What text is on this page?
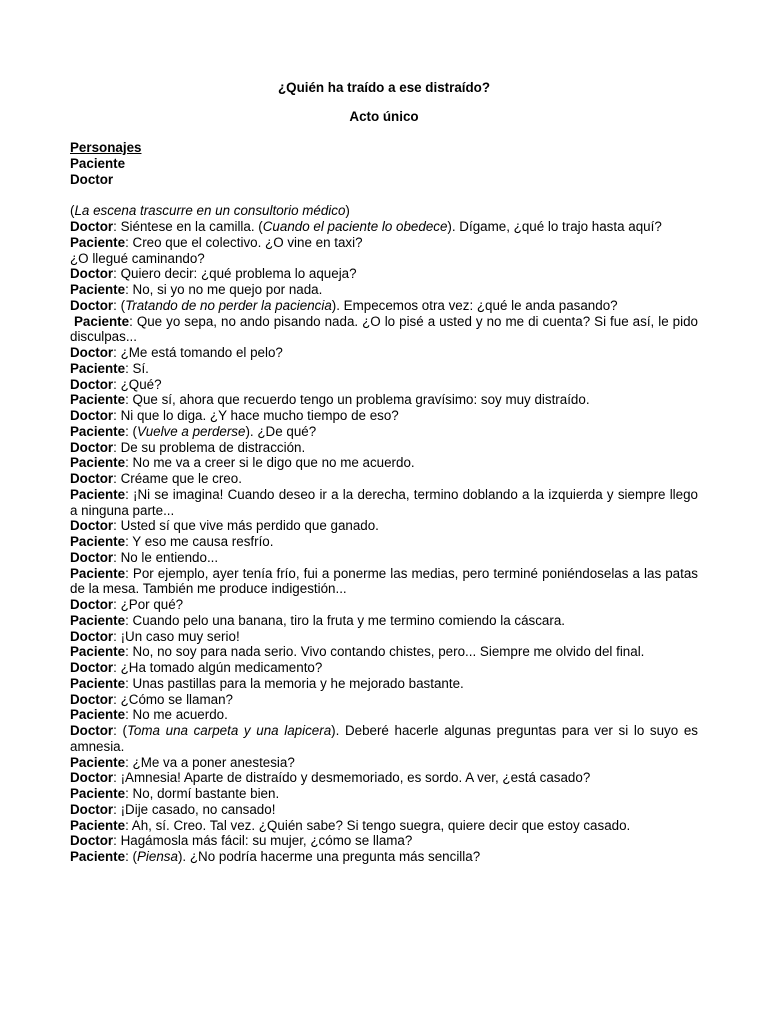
¿Quién ha traído a ese distraído?
Acto único
Personajes
Paciente
Doctor
(La escena trascurre en un consultorio médico)
Doctor: Siéntese en la camilla. (Cuando el paciente lo obedece). Dígame, ¿qué lo trajo hasta aquí?
Paciente: Creo que el colectivo. ¿O vine en taxi?
¿O llegué caminando?
Doctor: Quiero decir: ¿qué problema lo aqueja?
Paciente: No, si yo no me quejo por nada.
Doctor: (Tratando de no perder la paciencia). Empecemos otra vez: ¿qué le anda pasando?
Paciente: Que yo sepa, no ando pisando nada. ¿O lo pisé a usted y no me di cuenta? Si fue así, le pido disculpas...
Doctor: ¿Me está tomando el pelo?
Paciente: Sí.
Doctor: ¿Qué?
Paciente: Que sí, ahora que recuerdo tengo un problema gravísimo: soy muy distraído.
Doctor: Ni que lo diga. ¿Y hace mucho tiempo de eso?
Paciente: (Vuelve a perderse). ¿De qué?
Doctor: De su problema de distracción.
Paciente: No me va a creer si le digo que no me acuerdo.
Doctor: Créame que le creo.
Paciente: ¡Ni se imagina! Cuando deseo ir a la derecha, termino doblando a la izquierda y siempre llego a ninguna parte...
Doctor: Usted sí que vive más perdido que ganado.
Paciente: Y eso me causa resfrío.
Doctor: No le entiendo...
Paciente: Por ejemplo, ayer tenía frío, fui a ponerme las medias, pero terminé poniéndoselas a las patas de la mesa. También me produce indigestión...
Doctor: ¿Por qué?
Paciente: Cuando pelo una banana, tiro la fruta y me termino comiendo la cáscara.
Doctor: ¡Un caso muy serio!
Paciente: No, no soy para nada serio. Vivo contando chistes, pero... Siempre me olvido del final.
Doctor: ¿Ha tomado algún medicamento?
Paciente: Unas pastillas para la memoria y he mejorado bastante.
Doctor: ¿Cómo se llaman?
Paciente: No me acuerdo.
Doctor: (Toma una carpeta y una lapicera). Deberé hacerle algunas preguntas para ver si lo suyo es amnesia.
Paciente: ¿Me va a poner anestesia?
Doctor: ¡Amnesia! Aparte de distraído y desmemoriado, es sordo. A ver, ¿está casado?
Paciente: No, dormí bastante bien.
Doctor: ¡Dije casado, no cansado!
Paciente: Ah, sí. Creo. Tal vez. ¿Quién sabe? Si tengo suegra, quiere decir que estoy casado.
Doctor: Hagámosla más fácil: su mujer, ¿cómo se llama?
Paciente: (Piensa). ¿No podría hacerme una pregunta más sencilla?
